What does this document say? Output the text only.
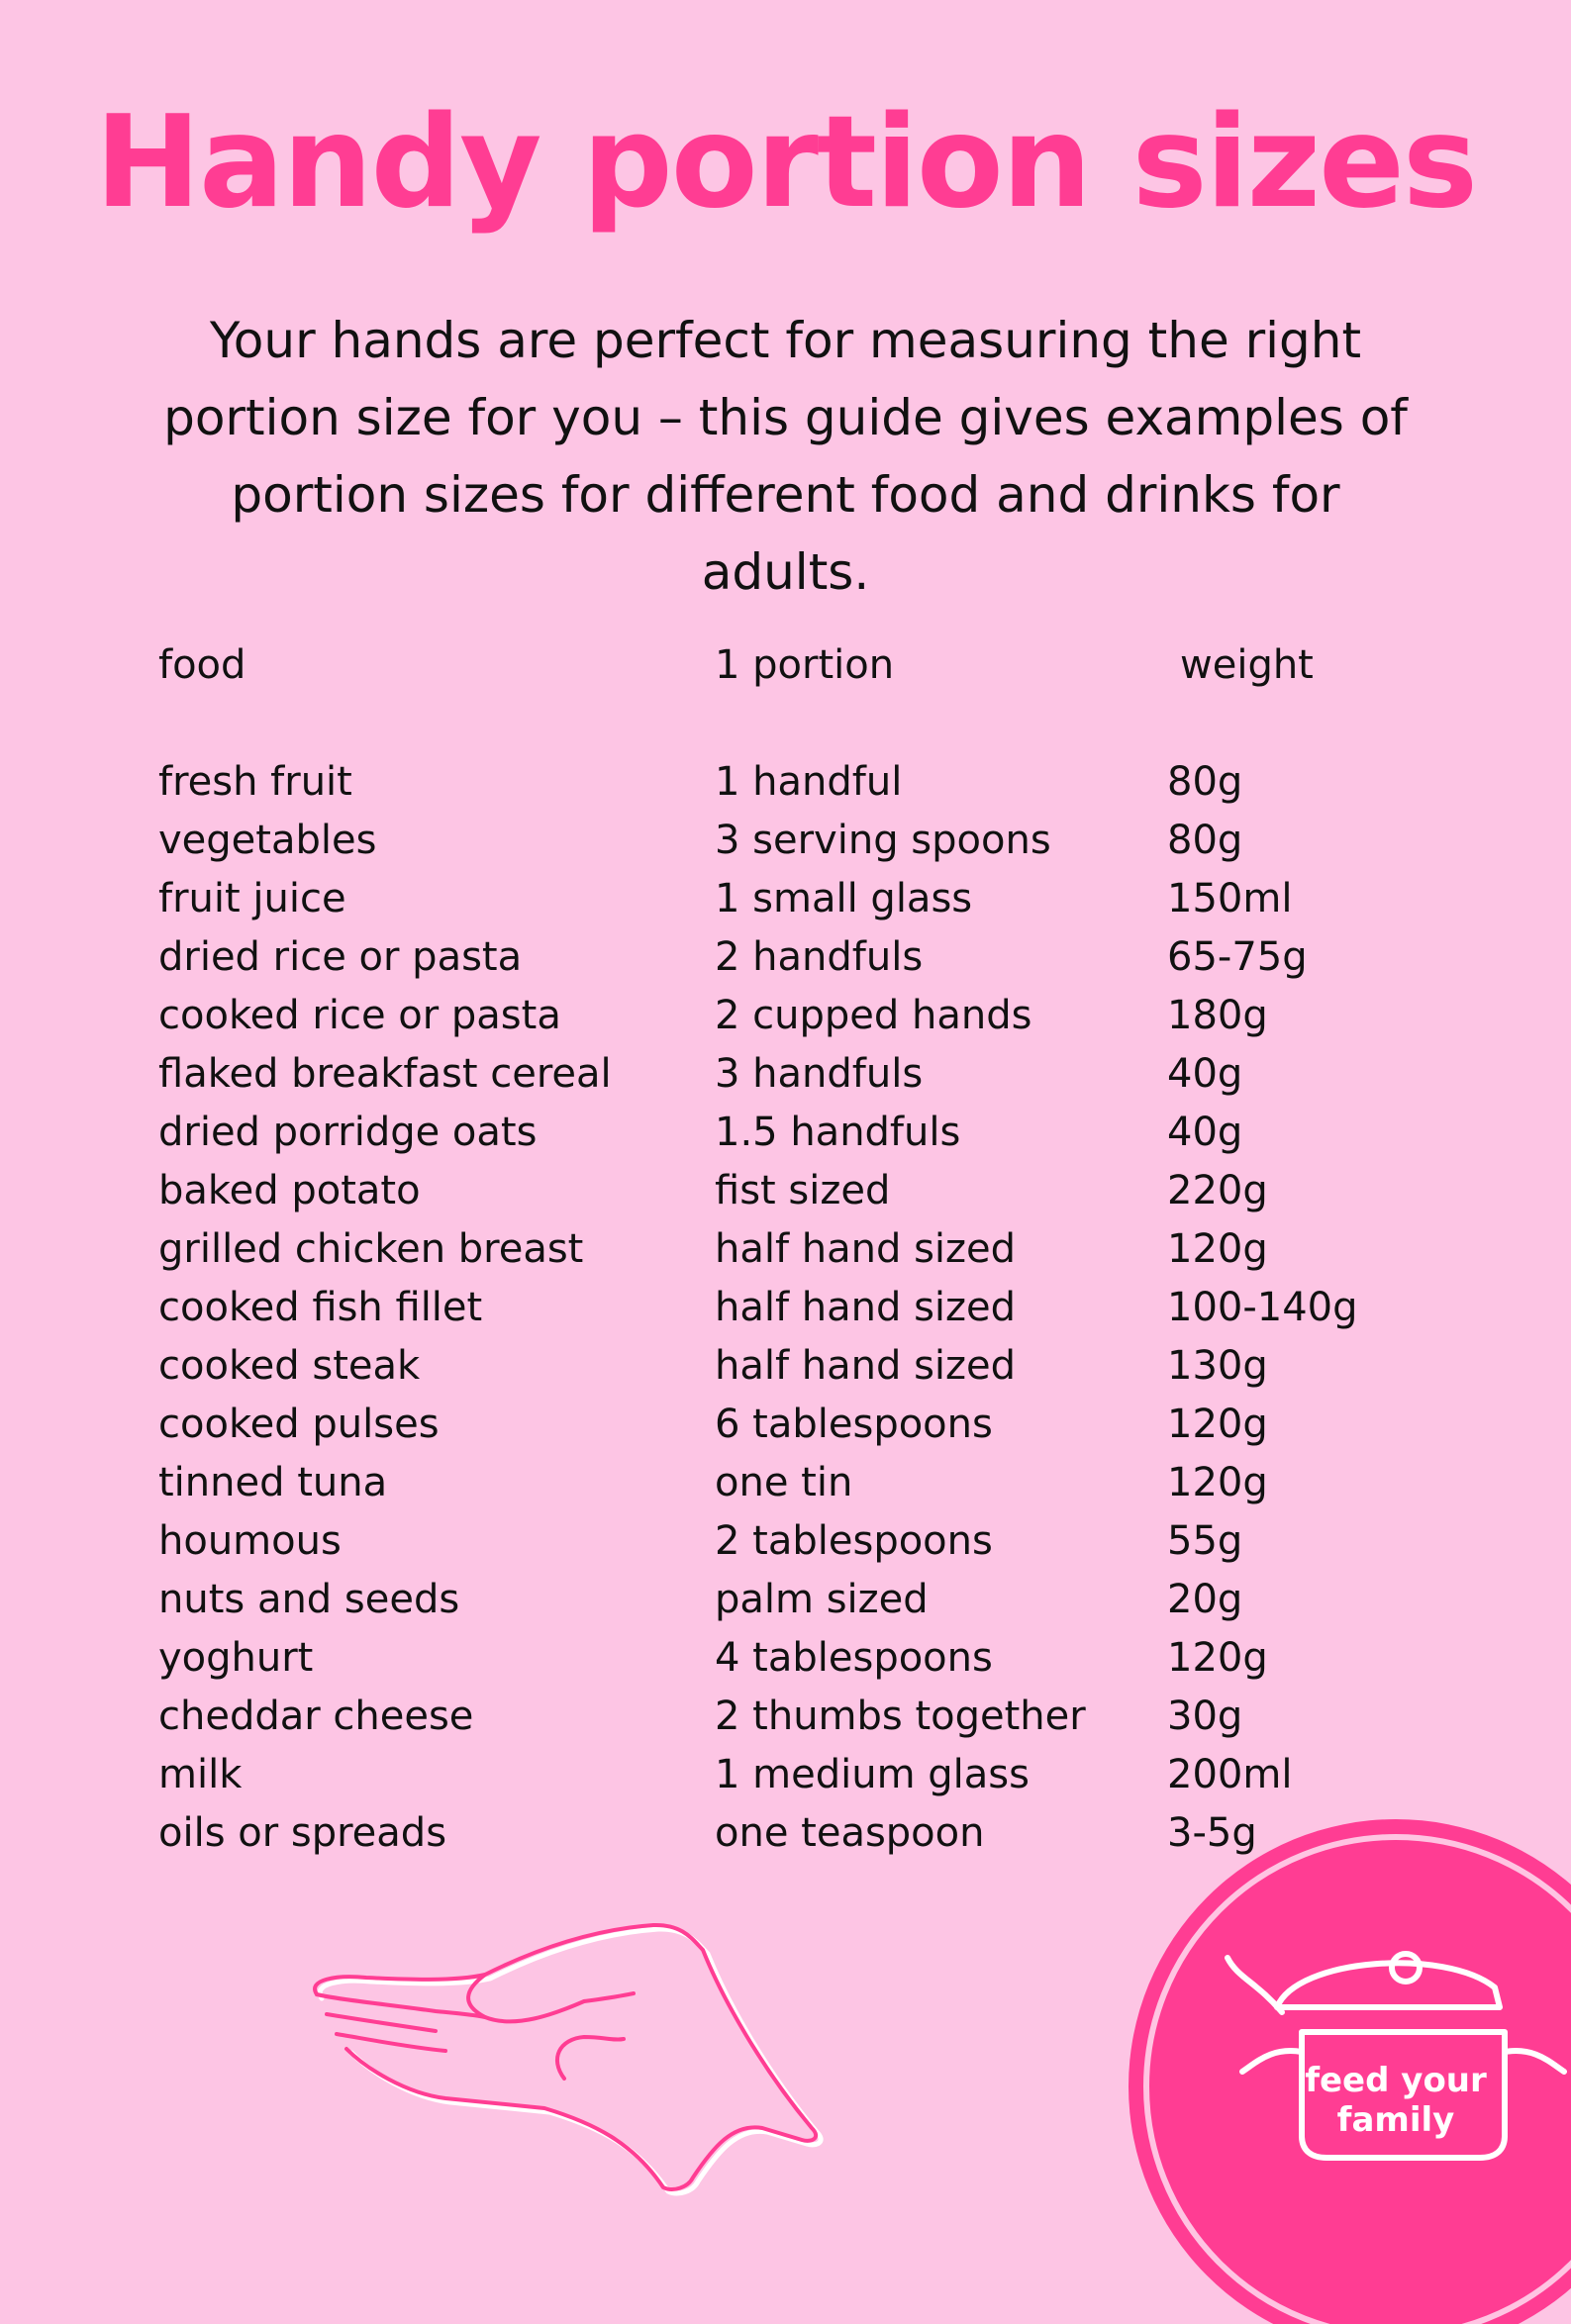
Handy portion sizes
Your hands are perfect for measuring the right portion size for you – this guide gives examples of portion sizes for different food and drinks for adults.
food	1 portion	weight
fresh fruit	1 handful	80g
vegetables	3 serving spoons	80g
fruit juice	1 small glass	150ml
dried rice or pasta	2 handfuls	65-75g
cooked rice or pasta	2 cupped hands	180g
flaked breakfast cereal	3 handfuls	40g
dried porridge oats	1.5 handfuls	40g
baked potato	fist sized	220g
grilled chicken breast	half hand sized	120g
cooked fish fillet	half hand sized	100-140g
cooked steak	half hand sized	130g
cooked pulses	6 tablespoons	120g
tinned tuna	one tin	120g
houmous	2 tablespoons	55g
nuts and seeds	palm sized	20g
yoghurt	4 tablespoons	120g
cheddar cheese	2 thumbs together 30g
milk	1 medium glass	200ml
oils or spreads	one teaspoon	3-5g
feed your
family
